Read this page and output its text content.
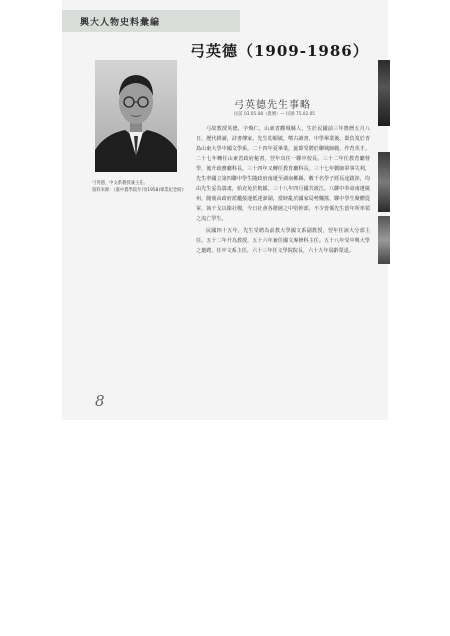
興大人物史料彙編
弓英德（1909-1986）
弓英德，中文系教授兼主任。
資料來源：《臺中農學院年刊(1958)畢業紀念冊》
弓英德先生事略
民前 03.05.08（農曆）— 民國 75.02.05

弓故教授英德，字煥仁，山東省觀城縣人，生於民國前三年農曆五月八日，歷代耕讀，詩書傳家。先生幼穎敏，嗜古讀書，中學畢業後，即負笈於青島山東大學中國文學系，二十四年夏畢業，旋即受聘於聊城師範，作育英才。二十七年轉任山東省政府秘書，翌年出任一聯中校長。三十二年任教育廳督學，後升政務廳科長。三十四年又轉任教育廳科長。三十七年劉師軍事失利，先生率國立第四聯中學生隨政府南遷至湖南郴縣，數千名學子經長途跋涉，均由先生妥為籌畫，始克免於飢餒。三十八年四月國共渡江，八聯中奉命南遷廣州，隨後由政府派艦接運抵達澎湖，當時亂於國家局勢飄搖，聯中學生聚體從軍，執干戈以衛社稷，今日社會各階層之中堅幹部，不少皆係先生當年所率領之流亡學生。

民國四十五年，先生受聘為前教大學國文系副教授，翌年任該大分部主任。五十二年升為教授，五十六年兼任國文專修科主任。五十八年受中興大學之邀聘，任中文系主任，六十三年任文學院院長，六十九年屆齡榮退。

8
